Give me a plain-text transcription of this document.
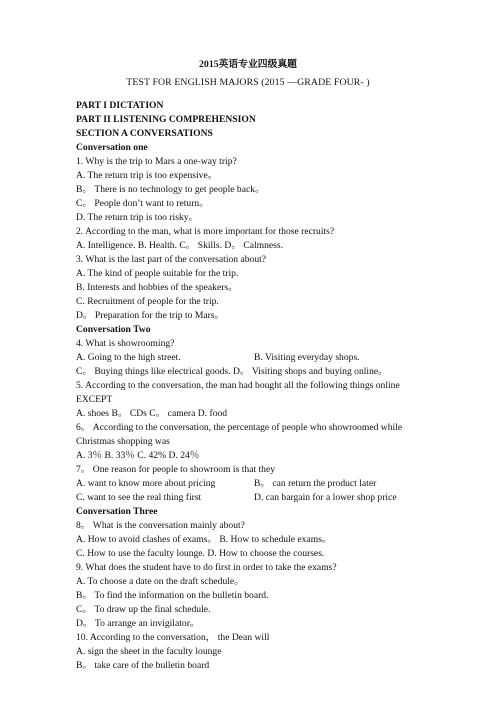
2015英语专业四级真题
TEST FOR ENGLISH MAJORS (2015 —GRADE FOUR- )
PART I DICTATION
PART II LISTENING COMPREHENSION
SECTION A CONVERSATIONS
Conversation one
1. Why is the trip to Mars a one-way trip?
A. The return trip is too expensive。
B。 There is no technology to get people back。
C。 People don’t want to return。
D. The return trip is too risky。
2. According to the man, what is more important for those recruits?
A. Intelligence. B. Health. C。 Skills. D。 Calmness.
3. What is the last part of the conversation about?
A. The kind of people suitable for the trip.
B. Interests and hobbies of the speakers。
C. Recruitment of people for the trip.
D。 Preparation for the trip to Mars。
Conversation Two
4. What is showrooming?
A. Going to the high street.	B. Visiting everyday shops.
C。 Buying things like electrical goods. D。 Visiting shops and buying online。
5. According to the conversation, the man had bought all the following things online
EXCEPT
A. shoes B。 CDs C。 camera D. food
6。 According to the conversation, the percentage of people who showroomed while
Christmas shopping was
A. 3％ B. 33％ C. 42% D. 24％
7。 One reason for people to showroom is that they
A. want to know more about pricing	B。 can return the product later
C. want to see the real thing first	D. can bargain for a lower shop price
Conversation Three
8。 What is the conversation mainly about?
A. How to avoid clashes of exams。 B. How to schedule exams。
C. How to use the faculty lounge. D. How to choose the courses.
9. What does the student have to do first in order to take the exams?
A. To choose a date on the draft schedule。
B。 To find the information on the bulletin board.
C。 To draw up the final schedule.
D。 To arrange an invigilator。
10. According to the conversation， the Dean will
A. sign the sheet in the faculty lounge
B。 take care of the bulletin board
